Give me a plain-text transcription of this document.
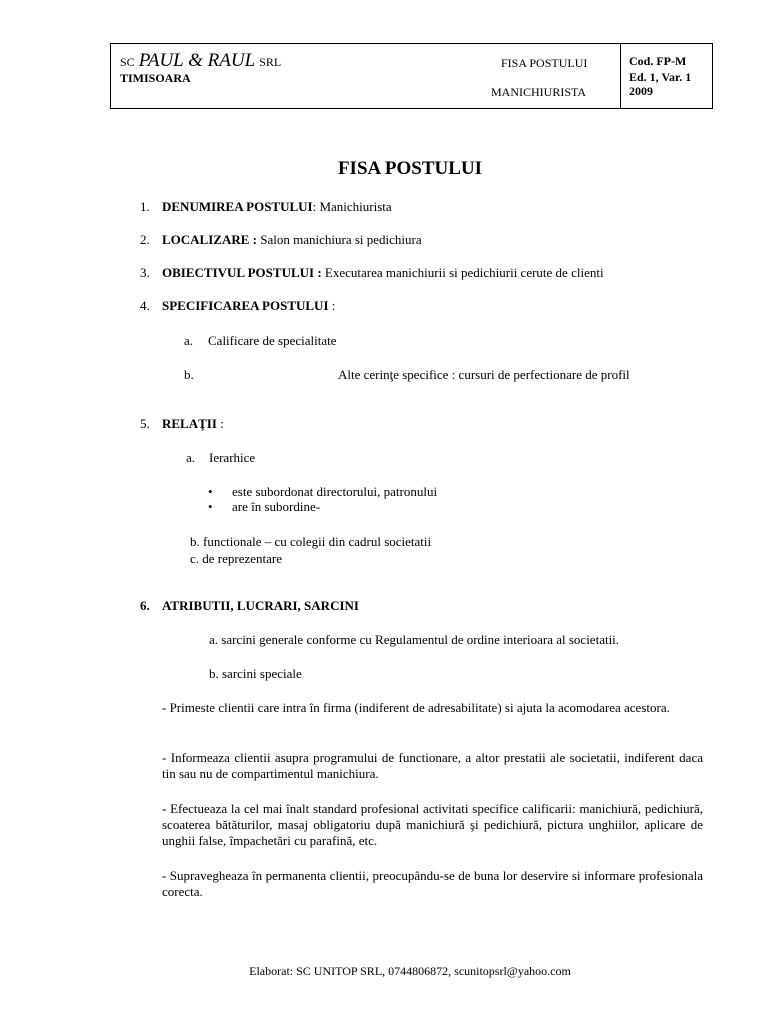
SC PAUL & RAUL SRL
TIMISOARA
FISA POSTULUI
MANICHIURISTA
Cod. FP-M
Ed. 1, Var. 1
2009
FISA POSTULUI
1. DENUMIREA POSTULUI: Manichiurista
2. LOCALIZARE : Salon manichiura si pedichiura
3. OBIECTIVUL POSTULUI : Executarea manichiurii si pedichiurii cerute de clienti
4. SPECIFICAREA POSTULUI :
a. Calificare de specialitate
b.	Alte cerinţe specifice : cursuri de perfectionare de profil
5. RELAŢII :
a. Ierarhice
• este subordonat directorului, patronului
• are în subordine-
b. functionale – cu colegii din cadrul societatii
c. de reprezentare
6. ATRIBUTII, LUCRARI, SARCINI
a. sarcini generale conforme cu Regulamentul de ordine interioara al societatii.
b. sarcini speciale
- Primeste clientii care intra în firma (indiferent de adresabilitate) si ajuta la acomodarea acestora.
- Informeaza clientii asupra programului de functionare, a altor prestatii ale societatii, indiferent daca tin sau nu de compartimentul manichiura.
- Efectueaza la cel mai înalt standard profesional activitati specifice calificarii: manichiură, pedichiură, scoaterea bătăturilor, masaj obligatoriu după manichiură şi pedichiură, pictura unghiilor, aplicare de unghii false, împachetări cu parafină, etc.
- Supravegheaza în permanenta clientii, preocupându-se de buna lor deservire si informare profesionala corecta.
Elaborat: SC UNITOP SRL, 0744806872, scunitopsrl@yahoo.com
